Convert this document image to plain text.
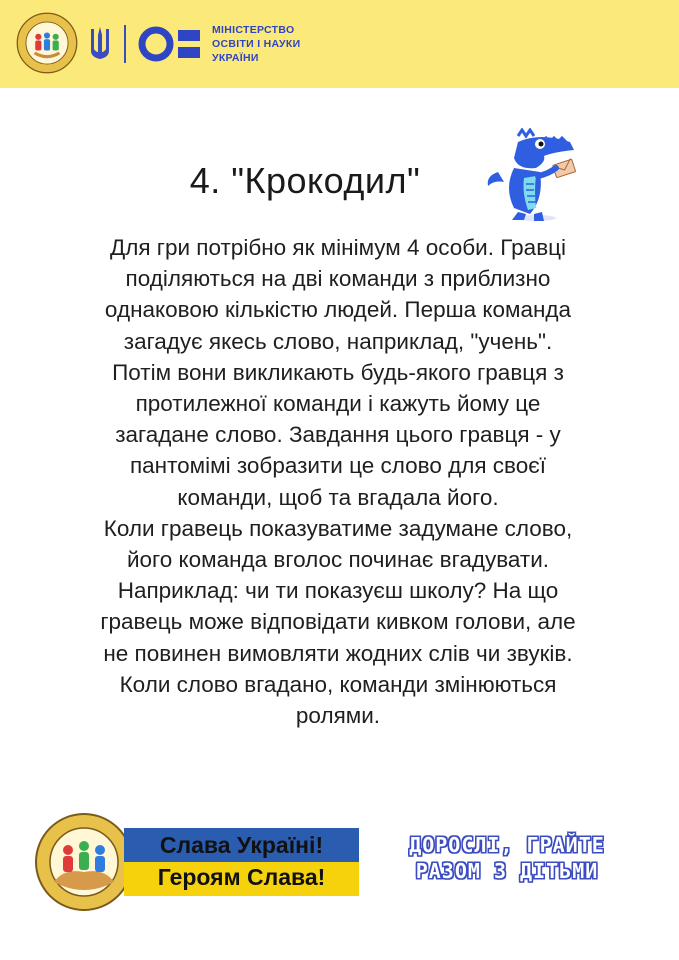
МІНІСТЕРСТВО
ОСВІТИ І НАУКИ
УКРАЇНИ
4. "Крокодил"
Для гри потрібно як мінімум 4 особи. Гравці
поділяються на дві команди з приблизно
однаковою кількістю людей. Перша команда
загадує якесь слово, наприклад, "учень".
Потім вони викликають будь-якого гравця з
протилежної команди і кажуть йому це
загадане слово. Завдання цього гравця - у
пантомімі зобразити це слово для своєї
команди, щоб та вгадала його.
Коли гравець показуватиме задумане слово,
його команда вголос починає вгадувати.
Наприклад: чи ти показуєш школу? На що
гравець може відповідати кивком голови, але
не повинен вимовляти жодних слів чи звуків.
Коли слово вгадано, команди змінюються
ролями.
Слава Україні!
Героям Слава!
ДОРОСЛІ, ГРАЙТЕ
РАЗОМ З ДІТЬМИ
